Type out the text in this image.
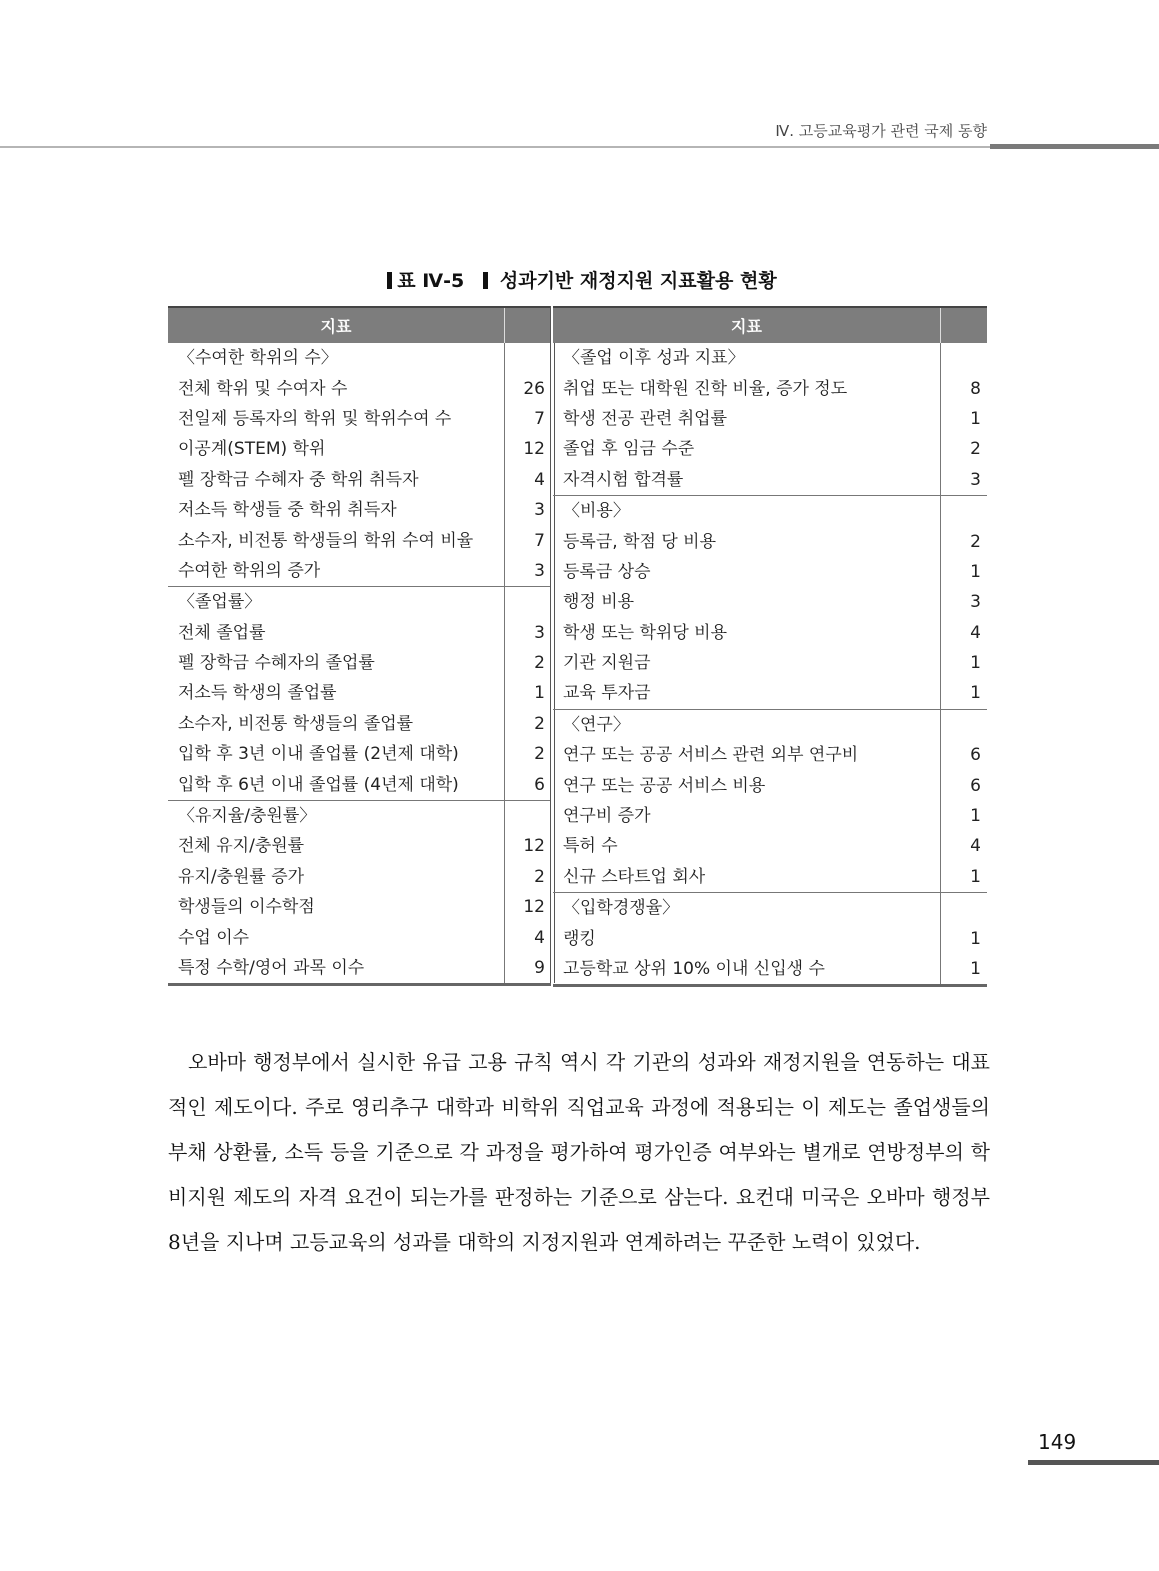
Ⅳ. 고등교육평가 관련 국제 동향
표 Ⅳ-5 성과기반 재정지원 지표활용 현황
지표	
〈수여한 학위의 수〉	
전체 학위 및 수여자 수	26
전일제 등록자의 학위 및 학위수여 수	7
이공계(STEM) 학위	12
펠 장학금 수혜자 중 학위 취득자	4
저소득 학생들 중 학위 취득자	3
소수자, 비전통 학생들의 학위 수여 비율	7
수여한 학위의 증가	3
〈졸업률〉	
전체 졸업률	3
펠 장학금 수혜자의 졸업률	2
저소득 학생의 졸업률	1
소수자, 비전통 학생들의 졸업률	2
입학 후 3년 이내 졸업률 (2년제 대학)	2
입학 후 6년 이내 졸업률 (4년제 대학)	6
〈유지율/충원률〉	
전체 유지/충원률	12
유지/충원률 증가	2
학생들의 이수학점	12
수업 이수	4
특정 수학/영어 과목 이수	9
지표	
〈졸업 이후 성과 지표〉	
취업 또는 대학원 진학 비율, 증가 정도	8
학생 전공 관련 취업률	1
졸업 후 임금 수준	2
자격시험 합격률	3
〈비용〉	
등록금, 학점 당 비용	2
등록금 상승	1
행정 비용	3
학생 또는 학위당 비용	4
기관 지원금	1
교육 투자금	1
〈연구〉	
연구 또는 공공 서비스 관련 외부 연구비	6
연구 또는 공공 서비스 비용	6
연구비 증가	1
특허 수	4
신규 스타트업 회사	1
〈입학경쟁율〉	
랭킹	1
고등학교 상위 10% 이내 신입생 수	1
오바마 행정부에서 실시한 유급 고용 규칙 역시 각 기관의 성과와 재정지원을 연동하는 대표적인 제도이다. 주로 영리추구 대학과 비학위 직업교육 과정에 적용되는 이 제도는 졸업생들의 부채 상환률, 소득 등을 기준으로 각 과정을 평가하여 평가인증 여부와는 별개로 연방정부의 학비지원 제도의 자격 요건이 되는가를 판정하는 기준으로 삼는다. 요컨대 미국은 오바마 행정부 8년을 지나며 고등교육의 성과를 대학의 지정지원과 연계하려는 꾸준한 노력이 있었다.
149
